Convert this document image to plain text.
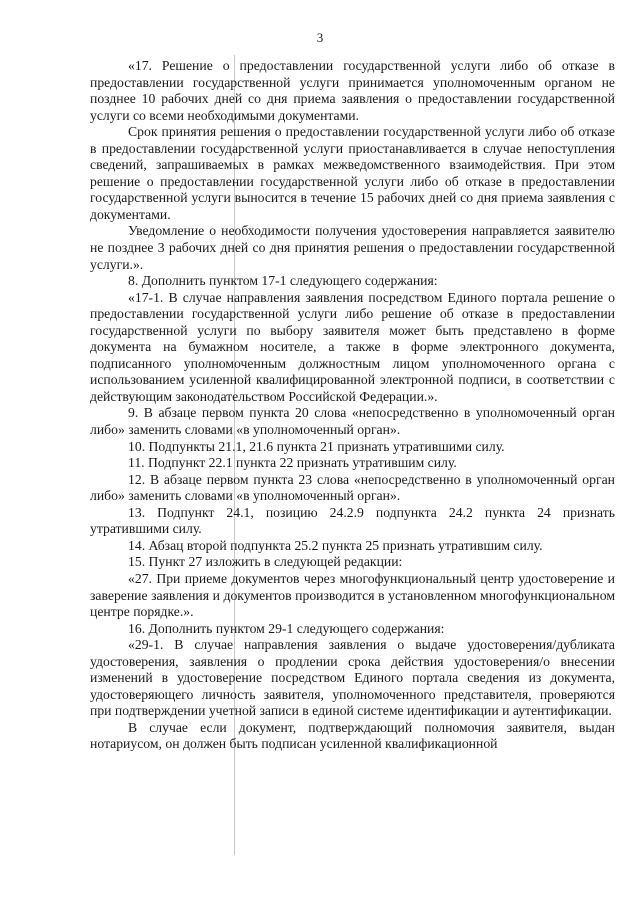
3

«17. Решение о предоставлении государственной услуги либо об отказе в предоставлении государственной услуги принимается уполномоченным органом не позднее 10 рабочих дней со дня приема заявления о предоставлении государственной услуги со всеми необходимыми документами.

Срок принятия решения о предоставлении государственной услуги либо об отказе в предоставлении государственной услуги приостанавливается в случае непоступления сведений, запрашиваемых в рамках межведомственного взаимодействия. При этом решение о предоставлении государственной услуги либо об отказе в предоставлении государственной услуги выносится в течение 15 рабочих дней со дня приема заявления с документами.

Уведомление о необходимости получения удостоверения направляется заявителю не позднее 3 рабочих дней со дня принятия решения о предоставлении государственной услуги.».

8. Дополнить пунктом 17-1 следующего содержания:

«17-1. В случае направления заявления посредством Единого портала решение о предоставлении государственной услуги либо решение об отказе в предоставлении государственной услуги по выбору заявителя может быть представлено в форме документа на бумажном носителе, а также в форме электронного документа, подписанного уполномоченным должностным лицом уполномоченного органа с использованием усиленной квалифицированной электронной подписи, в соответствии с действующим законодательством Российской Федерации.».

9. В абзаце первом пункта 20 слова «непосредственно в уполномоченный орган либо» заменить словами «в уполномоченный орган».

10. Подпункты 21.1, 21.6 пункта 21 признать утратившими силу.

11. Подпункт 22.1 пункта 22 признать утратившим силу.

12. В абзаце первом пункта 23 слова «непосредственно в уполномоченный орган либо» заменить словами «в уполномоченный орган».

13. Подпункт 24.1, позицию 24.2.9 подпункта 24.2 пункта 24 признать утратившими силу.

14. Абзац второй подпункта 25.2 пункта 25 признать утратившим силу.

15. Пункт 27 изложить в следующей редакции:

«27. При приеме документов через многофункциональный центр удостоверение и заверение заявления и документов производится в установленном многофункциональном центре порядке.».

16. Дополнить пунктом 29-1 следующего содержания:

«29-1. В случае направления заявления о выдаче удостоверения/дубликата удостоверения, заявления о продлении срока действия удостоверения/о внесении изменений в удостоверение посредством Единого портала сведения из документа, удостоверяющего личность заявителя, уполномоченного представителя, проверяются при подтверждении учетной записи в единой системе идентификации и аутентификации.

В случае если документ, подтверждающий полномочия заявителя, выдан нотариусом, он должен быть подписан усиленной квалификационной
